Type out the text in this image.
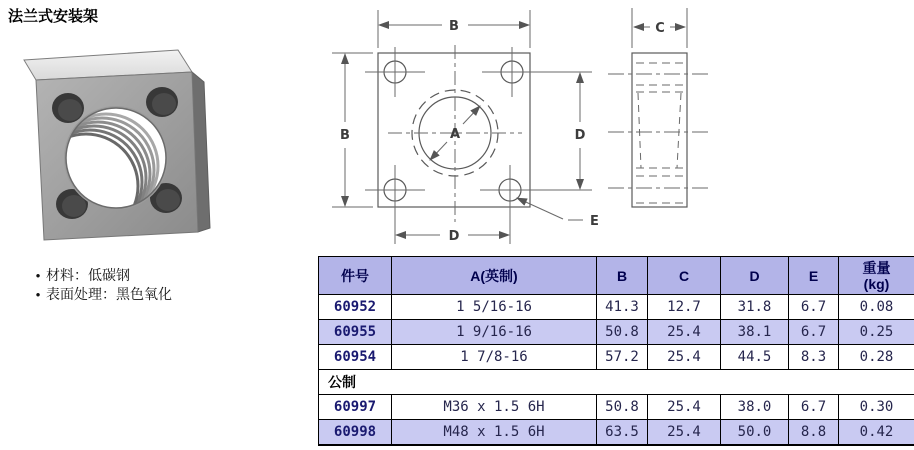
法兰式安装架
• 材料：低碳钢
• 表面处理：黑色氧化
A
B
B	D
D
E
C
件号	A(英制)	B	C	D	E	重量
(kg)

60952	1 5/16-16	41.3	12.7	31.8	6.7	0.08
60955	1 9/16-16	50.8	25.4	38.1	6.7	0.25
60954	1 7/8-16	57.2	25.4	44.5	8.3	0.28
公制						
60997	M36 x 1.5 6H	50.8	25.4	38.0	6.7	0.30
60998	M48 x 1.5 6H	63.5	25.4	50.0	8.8	0.42
